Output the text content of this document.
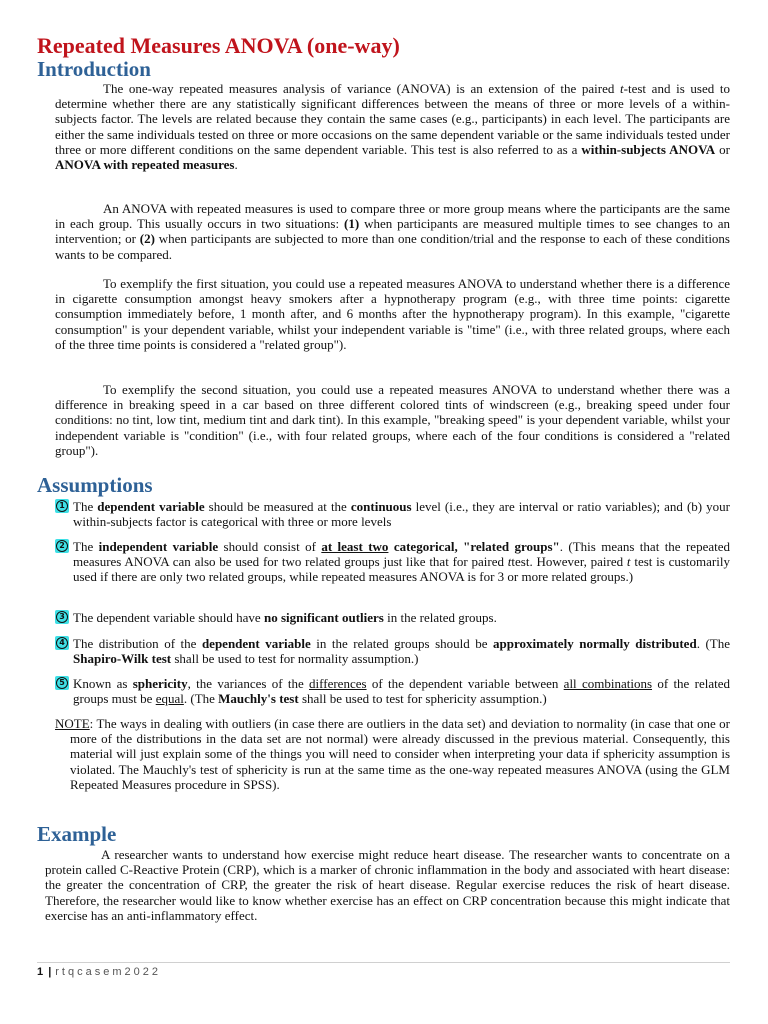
Repeated Measures ANOVA (one-way)
Introduction

The one-way repeated measures analysis of variance (ANOVA) is an extension of the paired t-test and is used to determine whether there are any statistically significant differences between the means of three or more levels of a within-subjects factor. The levels are related because they contain the same cases (e.g., participants) in each level. The participants are either the same individuals tested on three or more occasions on the same dependent variable or the same individuals tested under three or more different conditions on the same dependent variable. This test is also referred to as a within-subjects ANOVA or ANOVA with repeated measures.

An ANOVA with repeated measures is used to compare three or more group means where the participants are the same in each group. This usually occurs in two situations: (1) when participants are measured multiple times to see changes to an intervention; or (2) when participants are subjected to more than one condition/trial and the response to each of these conditions wants to be compared.

To exemplify the first situation, you could use a repeated measures ANOVA to understand whether there is a difference in cigarette consumption amongst heavy smokers after a hypnotherapy program (e.g., with three time points: cigarette consumption immediately before, 1 month after, and 6 months after the hypnotherapy program). In this example, "cigarette consumption" is your dependent variable, whilst your independent variable is "time" (i.e., with three related groups, where each of the three time points is considered a "related group").

To exemplify the second situation, you could use a repeated measures ANOVA to understand whether there was a difference in breaking speed in a car based on three different colored tints of windscreen (e.g., breaking speed under four conditions: no tint, low tint, medium tint and dark tint). In this example, "breaking speed" is your dependent variable, whilst your independent variable is "condition" (i.e., with four related groups, where each of the four conditions is considered a "related group").

Assumptions

1 The dependent variable should be measured at the continuous level (i.e., they are interval or ratio variables); and (b) your within-subjects factor is categorical with three or more levels

2 The independent variable should consist of at least two categorical, "related groups". (This means that the repeated measures ANOVA can also be used for two related groups just like that for paired ttest. However, paired t test is customarily used if there are only two related groups, while repeated measures ANOVA is for 3 or more related groups.)

3 The dependent variable should have no significant outliers in the related groups.

4 The distribution of the dependent variable in the related groups should be approximately normally distributed. (The Shapiro-Wilk test shall be used to test for normality assumption.)

5 Known as sphericity, the variances of the differences of the dependent variable between all combinations of the related groups must be equal. (The Mauchly's test shall be used to test for sphericity assumption.)

NOTE: The ways in dealing with outliers (in case there are outliers in the data set) and deviation to normality (in case that one or more of the distributions in the data set are not normal) were already discussed in the previous material. Consequently, this material will just explain some of the things you will need to consider when interpreting your data if sphericity assumption is violated. The Mauchly's test of sphericity is run at the same time as the one-way repeated measures ANOVA (using the GLM Repeated Measures procedure in SPSS).

Example

A researcher wants to understand how exercise might reduce heart disease. The researcher wants to concentrate on a protein called C-Reactive Protein (CRP), which is a marker of chronic inflammation in the body and associated with heart disease: the greater the concentration of CRP, the greater the risk of heart disease. Regular exercise reduces the risk of heart disease. Therefore, the researcher would like to know whether exercise has an effect on CRP concentration because this might indicate that exercise has an anti-inflammatory effect.

1 | rtqcasem2022
